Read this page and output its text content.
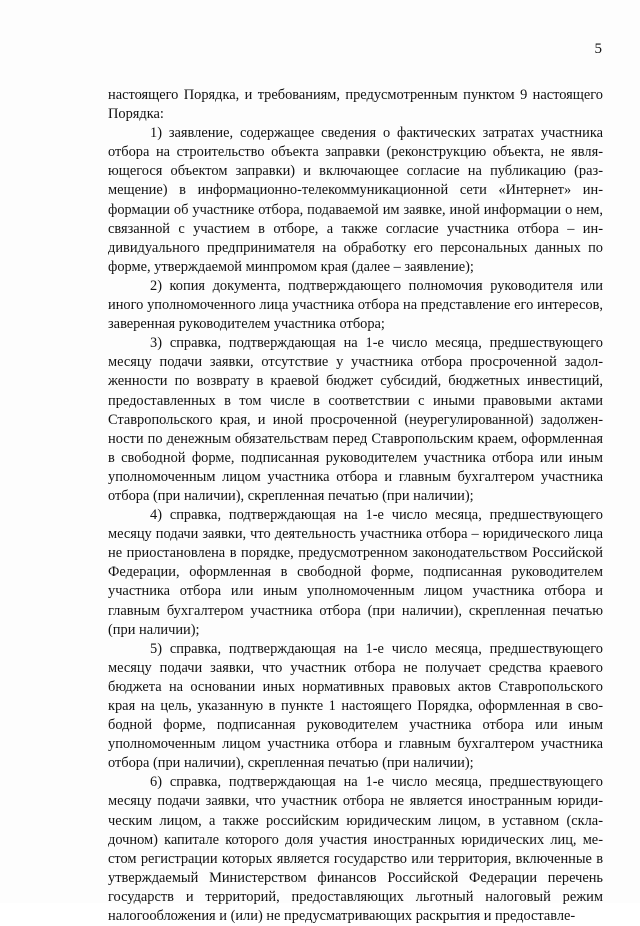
5

настоящего Порядка, и требованиям, предусмотренным пунктом 9 настоящего Порядка:

1) заявление, содержащее сведения о фактических затратах участника отбора на строительство объекта заправки (реконструкцию объекта, не являющегося объектом заправки) и включающее согласие на публикацию (размещение) в информационно-телекоммуникационной сети «Интернет» информации об участнике отбора, подаваемой им заявке, иной информации о нем, связанной с участием в отборе, а также согласие участника отбора – индивидуального предпринимателя на обработку его персональных данных по форме, утверждаемой минпромом края (далее – заявление);

2) копия документа, подтверждающего полномочия руководителя или иного уполномоченного лица участника отбора на представление его интересов, заверенная руководителем участника отбора;

3) справка, подтверждающая на 1-е число месяца, предшествующего месяцу подачи заявки, отсутствие у участника отбора просроченной задолженности по возврату в краевой бюджет субсидий, бюджетных инвестиций, предоставленных в том числе в соответствии с иными правовыми актами Ставропольского края, и иной просроченной (неурегулированной) задолженности по денежным обязательствам перед Ставропольским краем, оформленная в свободной форме, подписанная руководителем участника отбора или иным уполномоченным лицом участника отбора и главным бухгалтером участника отбора (при наличии), скрепленная печатью (при наличии);

4) справка, подтверждающая на 1-е число месяца, предшествующего месяцу подачи заявки, что деятельность участника отбора – юридического лица не приостановлена в порядке, предусмотренном законодательством Российской Федерации, оформленная в свободной форме, подписанная руководителем участника отбора или иным уполномоченным лицом участника отбора и главным бухгалтером участника отбора (при наличии), скрепленная печатью (при наличии);

5) справка, подтверждающая на 1-е число месяца, предшествующего месяцу подачи заявки, что участник отбора не получает средства краевого бюджета на основании иных нормативных правовых актов Ставропольского края на цель, указанную в пункте 1 настоящего Порядка, оформленная в свободной форме, подписанная руководителем участника отбора или иным уполномоченным лицом участника отбора и главным бухгалтером участника отбора (при наличии), скрепленная печатью (при наличии);

6) справка, подтверждающая на 1-е число месяца, предшествующего месяцу подачи заявки, что участник отбора не является иностранным юридическим лицом, а также российским юридическим лицом, в уставном (складочном) капитале которого доля участия иностранных юридических лиц, местом регистрации которых является государство или территория, включенные в утверждаемый Министерством финансов Российской Федерации перечень государств и территорий, предоставляющих льготный налоговый режим налогообложения и (или) не предусматривающих раскрытия и предоставле-
